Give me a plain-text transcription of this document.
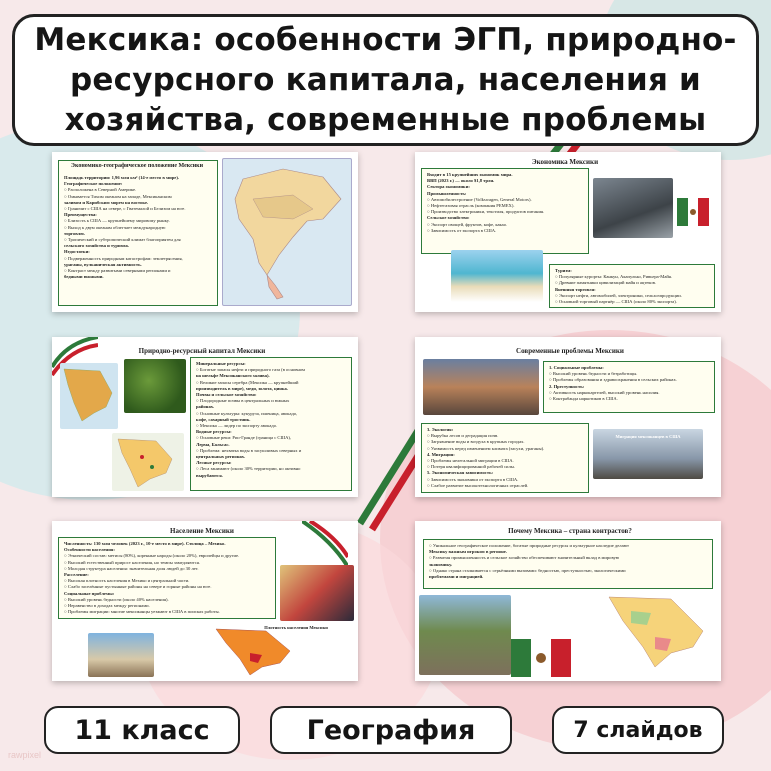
Мексика: особенности ЭГП, природно-ресурсного капитала, населения и хозяйства, современные проблемы
Экономико-географическое положение Мексики
Площадь территории: 1,96 млн км² (14-е место в мире).
Географическое положение:
○ Расположена в Северной Америке.
○ Омывается Тихим океаном на западе, Мексиканским
заливом и Карибским морем на востоке.
○ Граничит с США на севере, с Гватемалой и Белизом на юге.
Преимущества:
○ Близость к США — крупнейшему мировому рынку.
○ Выход к двум океанам облегчает международную
торговлю.
○ Тропический и субтропический климат благоприятен для
сельского хозяйства и туризма.
Недостатки:
○ Подверженность природным катастрофам: землетрясения,
ураганы, вулканическая активность.
○ Контраст между развитыми северными регионами и
бедными южными.
Экономика Мексики
Входит в 15 крупнейших экономик мира.
ВВП (2023 г.) — около $1,8 трлн.
Сектора экономики:
Промышленность:
○ Автомобилестроение (Volkswagen, General Motors).
○ Нефтегазовая отрасль (компания PEMEX).
○ Производство электроники, текстиля, продуктов питания.
Сельское хозяйство:
○ Экспорт овощей, фруктов, кофе, какао.
○ Зависимость от экспорта в США.
Туризм:
○ Популярные курорты: Канкун, Акапулько, Ривьера-Майя.
○ Древние памятники цивилизаций майя и ацтеков.
Внешняя торговля:
○ Экспорт нефти, автомобилей, электроники, сельхозпродукции.
○ Основной торговый партнёр — США (около 80% экспорта).
Природно-ресурсный капитал Мексики
Минеральные ресурсы:
○ Богатые запасы нефти и природного газа (в основном
на шельфе Мексиканского залива).
○ Великие запасы серебра (Мексика — крупнейший
производитель в мире), меди, золота, цинка.
Почвы и сельское хозяйство:
○ Плодородные почвы в центральных и южных
районах.
○ Основные культуры: кукуруза, пшеница, авокадо,
кофе, сахарный тростник.
○ Мексика — лидер по экспорту авокадо.
Водные ресурсы:
○ Основные реки: Рио-Гранде (граница с США),
Лерма, Бальсас.
○ Проблема: нехватка воды в засушливых северных и
центральных регионах.
Лесные ресурсы:
○ Леса занимают (около 30% территории, но активно
вырубаются.
Современные проблемы Мексики
1. Социальные проблемы:
○ Высокий уровень бедности и безработицы.
○ Проблемы образования и здравоохранения в сельских районах.
2. Преступность:
○ Активность наркокартелей, высокий уровень насилия.
○ Контрабанда наркотиков в США.
3. Экология:
○ Вырубка лесов и деградация почв.
○ Загрязнение воды и воздуха в крупных городах.
○ Уязвимость перед изменением климата (засухи, ураганы).
4. Миграция:
○ Проблемы нелегальной миграции в США.
○ Потеря квалифицированной рабочей силы.
5. Экономическая зависимость:
○ Зависимость экономики от экспорта в США.
○ Слабое развитие высокотехнологичных отраслей.
Миграция мексиканцев в США
Население Мексики
Численность: 130 млн человек (2023 г., 10-е место в мире). Столица – Мехико.
Особенности населения:
○ Этнический состав: метисы (80%), коренные народы (около 20%), европейцы и другие.
○ Высокий естественный прирост населения, но темпы замедляются.
○ Молодая структура населения: значительная доля людей до 30 лет.
Расселение:
○ Высокая плотность населения в Мехико и центральной части.
○ Слабо заселённые пустынные районы на севере и горные районы на юге.
Социальные проблемы:
○ Высокий уровень бедности (около 40% населения).
○ Неравенство в доходах между регионами.
○ Проблемы миграции: многие мексиканцы уезжают в США в поисках работы.
Плотность населения Мексики
Почему Мексика – страна контрастов?
○ Уникальное географическое положение, богатые природные ресурсы и культурное наследие делают
Мексику важным игроком в регионе.
○ Развитая промышленность и сельское хозяйство обеспечивают значительный вклад в мировую
экономику.
○ Однако страна сталкивается с серьёзными вызовами: бедностью, преступностью, экологическими
проблемами и миграцией.
11 класс	География	7 слайдов
rawpixel
